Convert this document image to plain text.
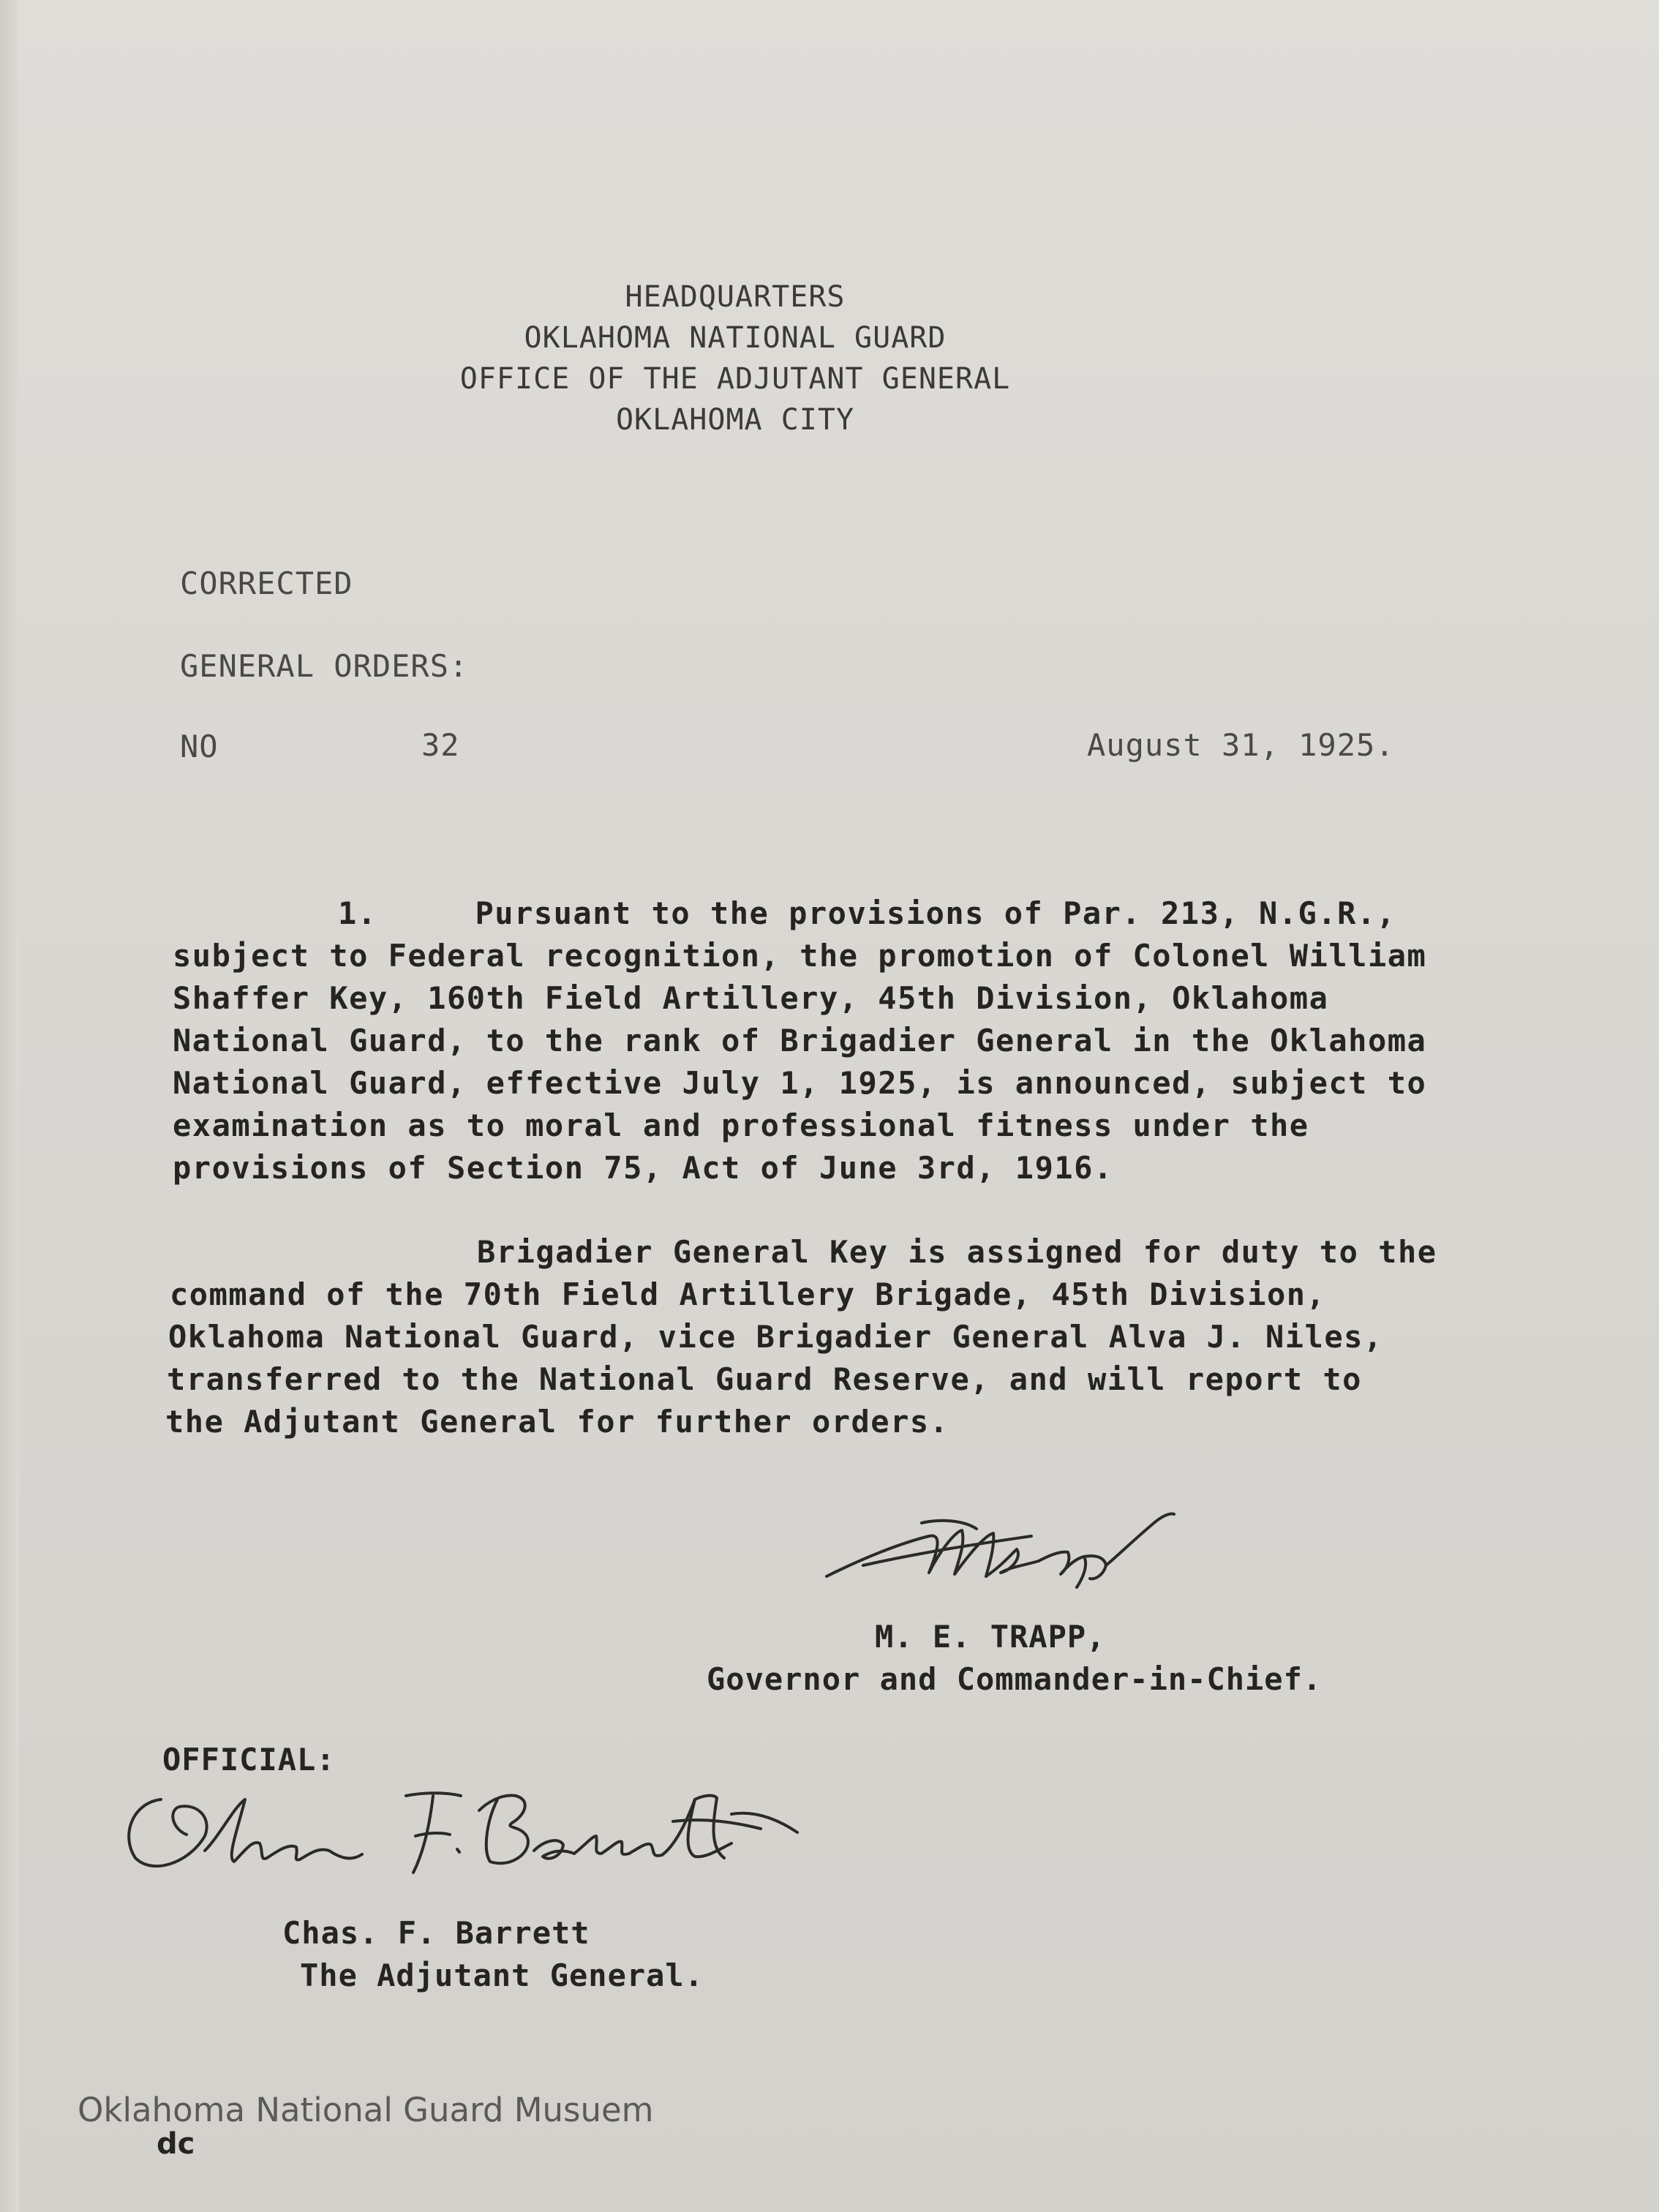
HEADQUARTERS
OKLAHOMA NATIONAL GUARD
OFFICE OF THE ADJUTANT GENERAL
OKLAHOMA CITY
CORRECTED
GENERAL ORDERS:
NO	32	August 31, 1925.
1.     Pursuant to the provisions of Par. 213, N.G.R.,
subject to Federal recognition, the promotion of Colonel William
Shaffer Key, 160th Field Artillery, 45th Division, Oklahoma
National Guard, to the rank of Brigadier General in the Oklahoma
National Guard, effective July 1, 1925, is announced, subject to
examination as to moral and professional fitness under the
provisions of Section 75, Act of June 3rd, 1916.
Brigadier General Key is assigned for duty to the
command of the 70th Field Artillery Brigade, 45th Division,
Oklahoma National Guard, vice Brigadier General Alva J. Niles,
transferred to the National Guard Reserve, and will report to
the Adjutant General for further orders.
M. E. TRAPP,
Governor and Commander-in-Chief.
OFFICIAL:
Chas. F. Barrett
The Adjutant General.
Oklahoma National Guard Musuem
dc
